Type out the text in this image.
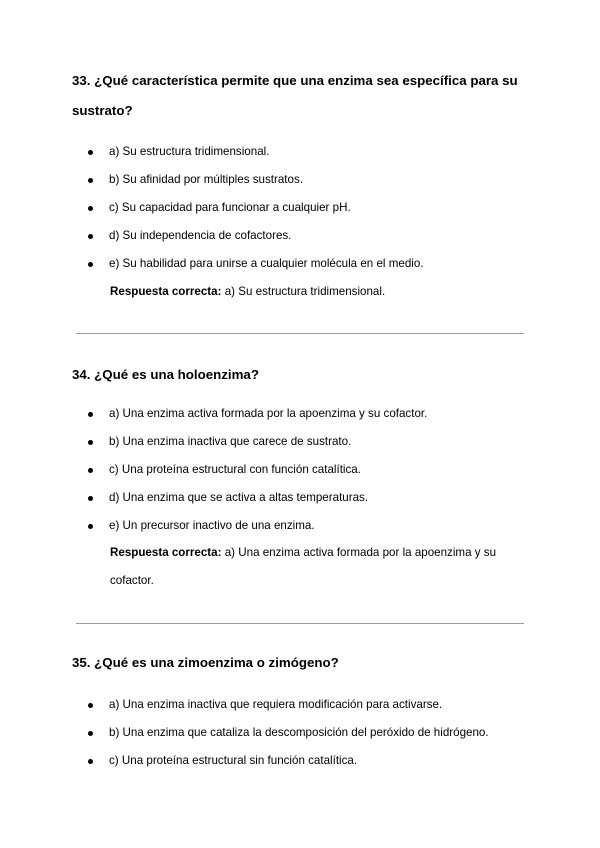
33. ¿Qué característica permite que una enzima sea específica para su sustrato?

a) Su estructura tridimensional.
b) Su afinidad por múltiples sustratos.
c) Su capacidad para funcionar a cualquier pH.
d) Su independencia de cofactores.
e) Su habilidad para unirse a cualquier molécula en el medio.
Respuesta correcta: a) Su estructura tridimensional.

34. ¿Qué es una holoenzima?

a) Una enzima activa formada por la apoenzima y su cofactor.
b) Una enzima inactiva que carece de sustrato.
c) Una proteína estructural con función catalítica.
d) Una enzima que se activa a altas temperaturas.
e) Un precursor inactivo de una enzima.
Respuesta correcta: a) Una enzima activa formada por la apoenzima y su cofactor.

35. ¿Qué es una zimoenzima o zimógeno?

a) Una enzima inactiva que requiera modificación para activarse.
b) Una enzima que cataliza la descomposición del peróxido de hidrógeno.
c) Una proteína estructural sin función catalítica.
